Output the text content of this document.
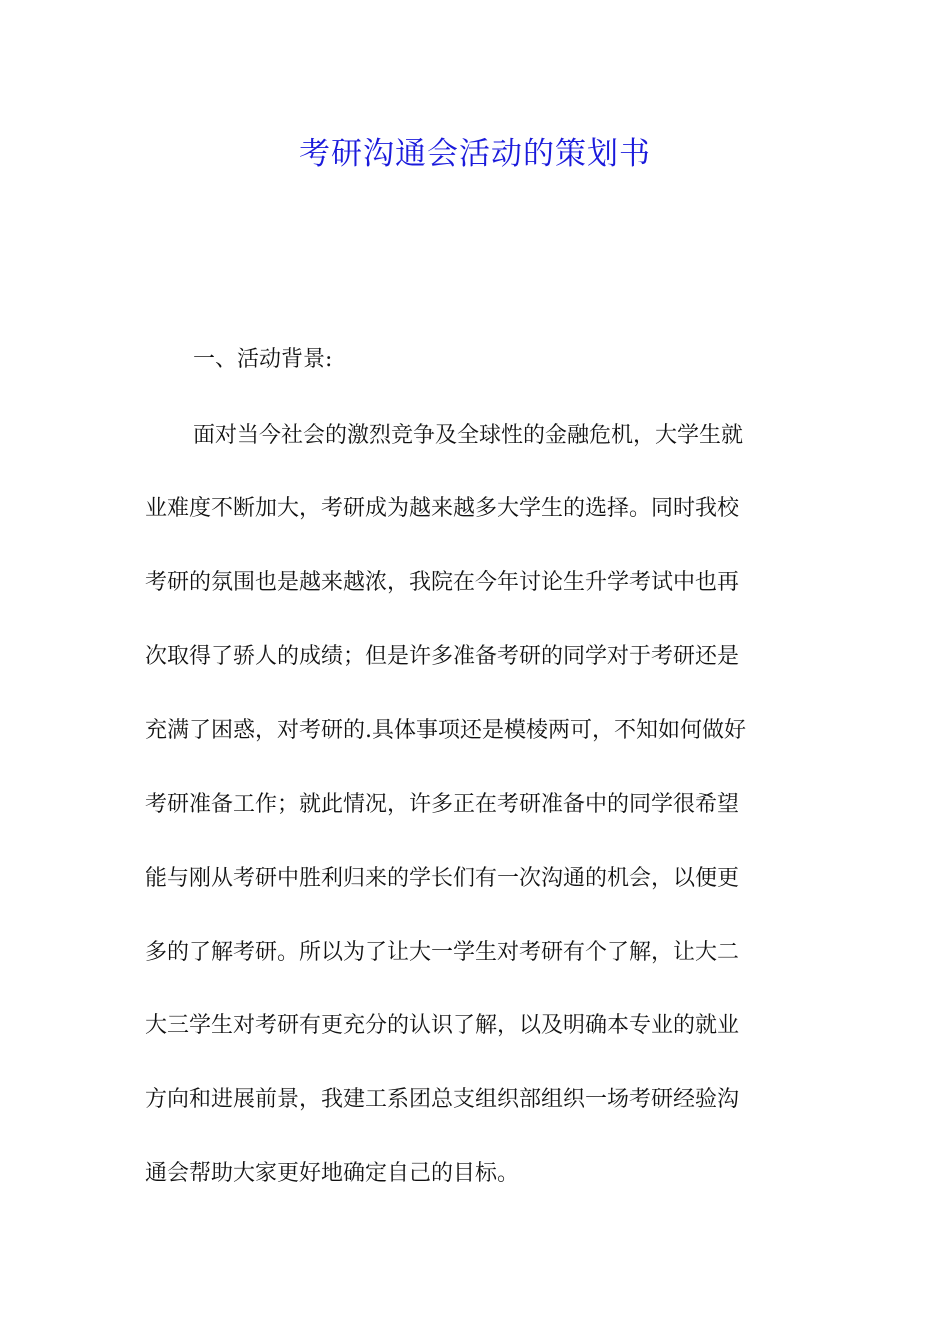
考研沟通会活动的策划书
一、活动背景:
面对当今社会的激烈竞争及全球性的金融危机，大学生就
业难度不断加大，考研成为越来越多大学生的选择。同时我校
考研的氛围也是越来越浓，我院在今年讨论生升学考试中也再
次取得了骄人的成绩；但是许多准备考研的同学对于考研还是
充满了困惑，对考研的.具体事项还是模棱两可，不知如何做好
考研准备工作；就此情况，许多正在考研准备中的同学很希望
能与刚从考研中胜利归来的学长们有一次沟通的机会，以便更
多的了解考研。所以为了让大一学生对考研有个了解，让大二
大三学生对考研有更充分的认识了解，以及明确本专业的就业
方向和进展前景，我建工系团总支组织部组织一场考研经验沟
通会帮助大家更好地确定自己的目标。
